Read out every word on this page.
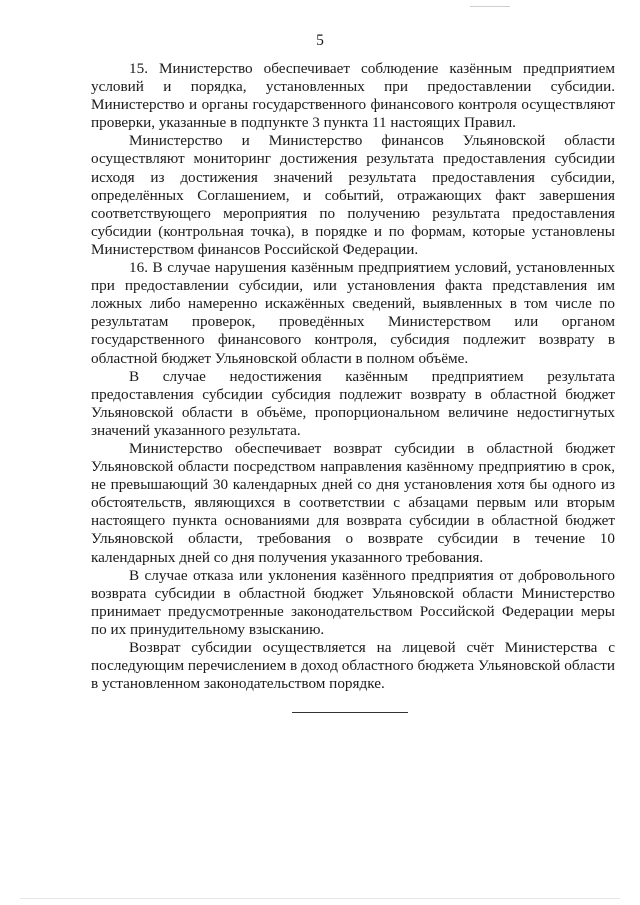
5

15. Министерство обеспечивает соблюдение казённым предприятием условий и порядка, установленных при предоставлении субсидии. Министерство и органы государственного финансового контроля осуществляют проверки, указанные в подпункте 3 пункта 11 настоящих Правил.

Министерство и Министерство финансов Ульяновской области осуществляют мониторинг достижения результата предоставления субсидии исходя из достижения значений результата предоставления субсидии, определённых Соглашением, и событий, отражающих факт завершения соответствующего мероприятия по получению результата предоставления субсидии (контрольная точка), в порядке и по формам, которые установлены Министерством финансов Российской Федерации.

16. В случае нарушения казённым предприятием условий, установленных при предоставлении субсидии, или установления факта представления им ложных либо намеренно искажённых сведений, выявленных в том числе по результатам проверок, проведённых Министерством или органом государственного финансового контроля, субсидия подлежит возврату в областной бюджет Ульяновской области в полном объёме.

В случае недостижения казённым предприятием результата предоставления субсидии субсидия подлежит возврату в областной бюджет Ульяновской области в объёме, пропорциональном величине недостигнутых значений указанного результата.

Министерство обеспечивает возврат субсидии в областной бюджет Ульяновской области посредством направления казённому предприятию в срок, не превышающий 30 календарных дней со дня установления хотя бы одного из обстоятельств, являющихся в соответствии с абзацами первым или вторым настоящего пункта основаниями для возврата субсидии в областной бюджет Ульяновской области, требования о возврате субсидии в течение 10 календарных дней со дня получения указанного требования.

В случае отказа или уклонения казённого предприятия от добровольного возврата субсидии в областной бюджет Ульяновской области Министерство принимает предусмотренные законодательством Российской Федерации меры по их принудительному взысканию.

Возврат субсидии осуществляется на лицевой счёт Министерства с последующим перечислением в доход областного бюджета Ульяновской области в установленном законодательством порядке.
